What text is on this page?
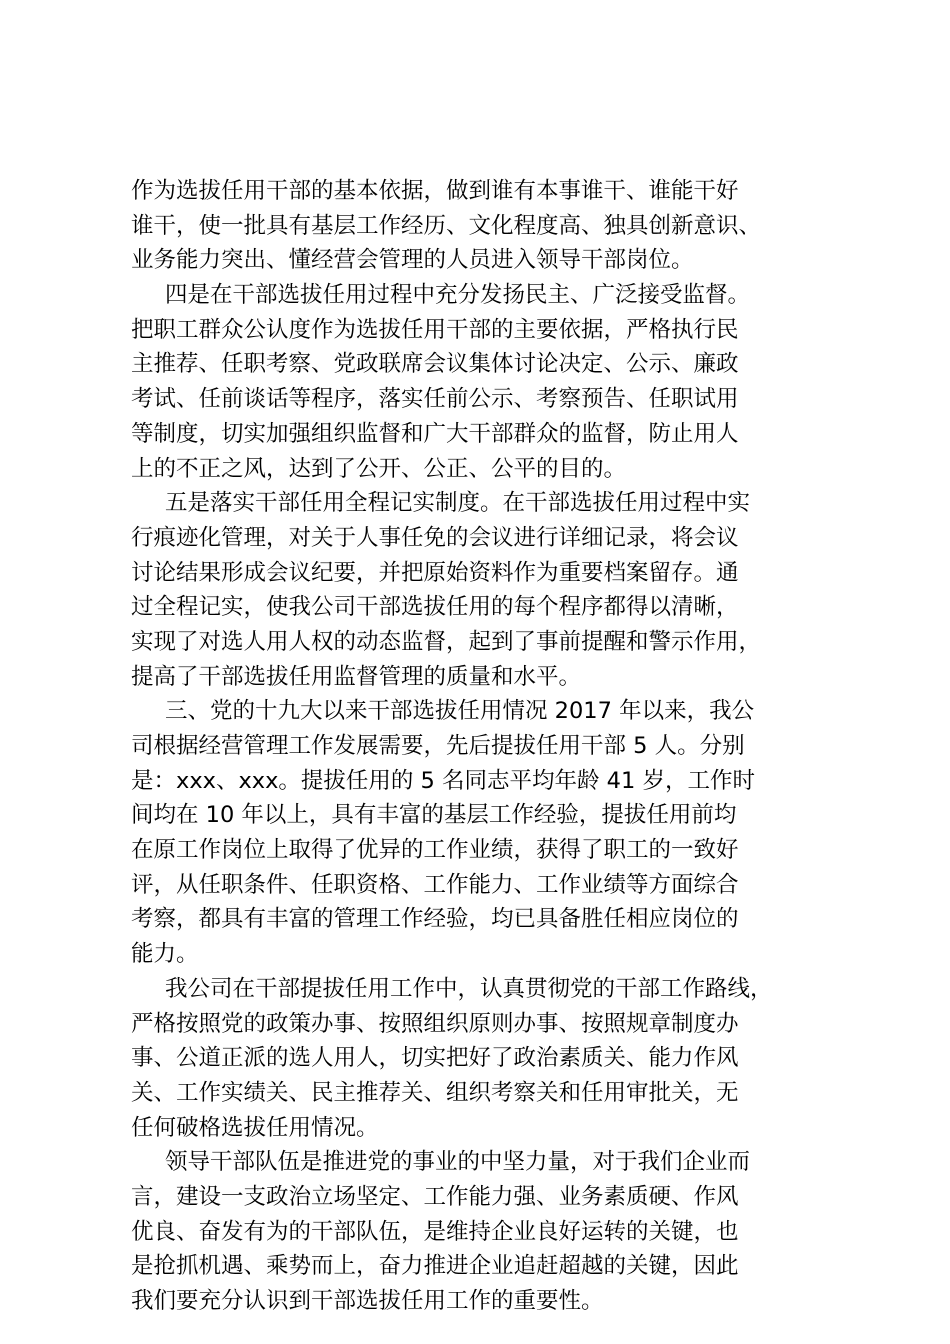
作为选拔任用干部的基本依据，做到谁有本事谁干、谁能干好
谁干，使一批具有基层工作经历、文化程度高、独具创新意识、
业务能力突出、懂经营会管理的人员进入领导干部岗位。
四是在干部选拔任用过程中充分发扬民主、广泛接受监督。
把职工群众公认度作为选拔任用干部的主要依据，严格执行民
主推荐、任职考察、党政联席会议集体讨论决定、公示、廉政
考试、任前谈话等程序，落实任前公示、考察预告、任职试用
等制度，切实加强组织监督和广大干部群众的监督，防止用人
上的不正之风，达到了公开、公正、公平的目的。
五是落实干部任用全程记实制度。在干部选拔任用过程中实
行痕迹化管理，对关于人事任免的会议进行详细记录，将会议
讨论结果形成会议纪要，并把原始资料作为重要档案留存。通
过全程记实，使我公司干部选拔任用的每个程序都得以清晰，
实现了对选人用人权的动态监督，起到了事前提醒和警示作用，
提高了干部选拔任用监督管理的质量和水平。
三、党的十九大以来干部选拔任用情况 2017 年以来，我公
司根据经营管理工作发展需要，先后提拔任用干部 5 人。分别
是：xxx、xxx。提拔任用的 5 名同志平均年龄 41 岁，工作时
间均在 10 年以上，具有丰富的基层工作经验，提拔任用前均
在原工作岗位上取得了优异的工作业绩，获得了职工的一致好
评，从任职条件、任职资格、工作能力、工作业绩等方面综合
考察，都具有丰富的管理工作经验，均已具备胜任相应岗位的
能力。
我公司在干部提拔任用工作中，认真贯彻党的干部工作路线，
严格按照党的政策办事、按照组织原则办事、按照规章制度办
事、公道正派的选人用人，切实把好了政治素质关、能力作风
关、工作实绩关、民主推荐关、组织考察关和任用审批关，无
任何破格选拔任用情况。
领导干部队伍是推进党的事业的中坚力量，对于我们企业而
言，建设一支政治立场坚定、工作能力强、业务素质硬、作风
优良、奋发有为的干部队伍，是维持企业良好运转的关键，也
是抢抓机遇、乘势而上，奋力推进企业追赶超越的关键，因此
我们要充分认识到干部选拔任用工作的重要性。
